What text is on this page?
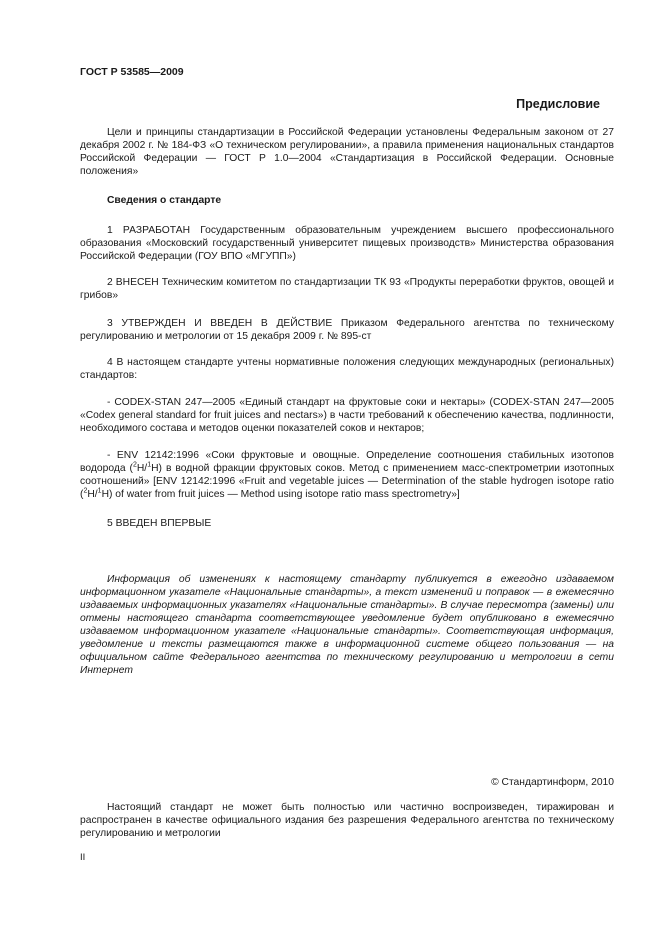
ГОСТ Р 53585—2009
Предисловие

Цели и принципы стандартизации в Российской Федерации установлены Федеральным законом от 27 декабря 2002 г. № 184-ФЗ «О техническом регулировании», а правила применения национальных стандартов Российской Федерации — ГОСТ Р 1.0—2004 «Стандартизация в Российской Федерации. Основные положения»

Сведения о стандарте

1 РАЗРАБОТАН Государственным образовательным учреждением высшего профессионального образования «Московский государственный университет пищевых производств» Министерства образования Российской Федерации (ГОУ ВПО «МГУПП»)

2 ВНЕСЕН Техническим комитетом по стандартизации ТК 93 «Продукты переработки фруктов, овощей и грибов»

3 УТВЕРЖДЕН И ВВЕДЕН В ДЕЙСТВИЕ Приказом Федерального агентства по техническому регулированию и метрологии от 15 декабря 2009 г. № 895-ст

4 В настоящем стандарте учтены нормативные положения следующих международных (региональных) стандартов:

- CODEX-STAN 247—2005 «Единый стандарт на фруктовые соки и нектары» (CODEX-STAN 247—2005 «Codex general standard for fruit juices and nectars») в части требований к обеспечению качества, подлинности, необходимого состава и методов оценки показателей соков и нектаров;

- ENV 12142:1996 «Соки фруктовые и овощные. Определение соотношения стабильных изотопов водорода ($^2$H/$^1$H) в водной фракции фруктовых соков. Метод с применением масс-спектрометрии изотопных соотношений» [ENV 12142:1996 «Fruit and vegetable juices — Determination of the stable hydrogen isotope ratio ($^2$H/$^1$H) of water from fruit juices — Method using isotope ratio mass spectrometry»]

5 ВВЕДЕН ВПЕРВЫЕ

Информация об изменениях к настоящему стандарту публикуется в ежегодно издаваемом информационном указателе «Национальные стандарты», а текст изменений и поправок — в ежемесячно издаваемых информационных указателях «Национальные стандарты». В случае пересмотра (замены) или отмены настоящего стандарта соответствующее уведомление будет опубликовано в ежемесячно издаваемом информационном указателе «Национальные стандарты». Соответствующая информация, уведомление и тексты размещаются также в информационной системе общего пользования — на официальном сайте Федерального агентства по техническому регулированию и метрологии в сети Интернет

© Стандартинформ, 2010

Настоящий стандарт не может быть полностью или частично воспроизведен, тиражирован и распространен в качестве официального издания без разрешения Федерального агентства по техническому регулированию и метрологии

II
